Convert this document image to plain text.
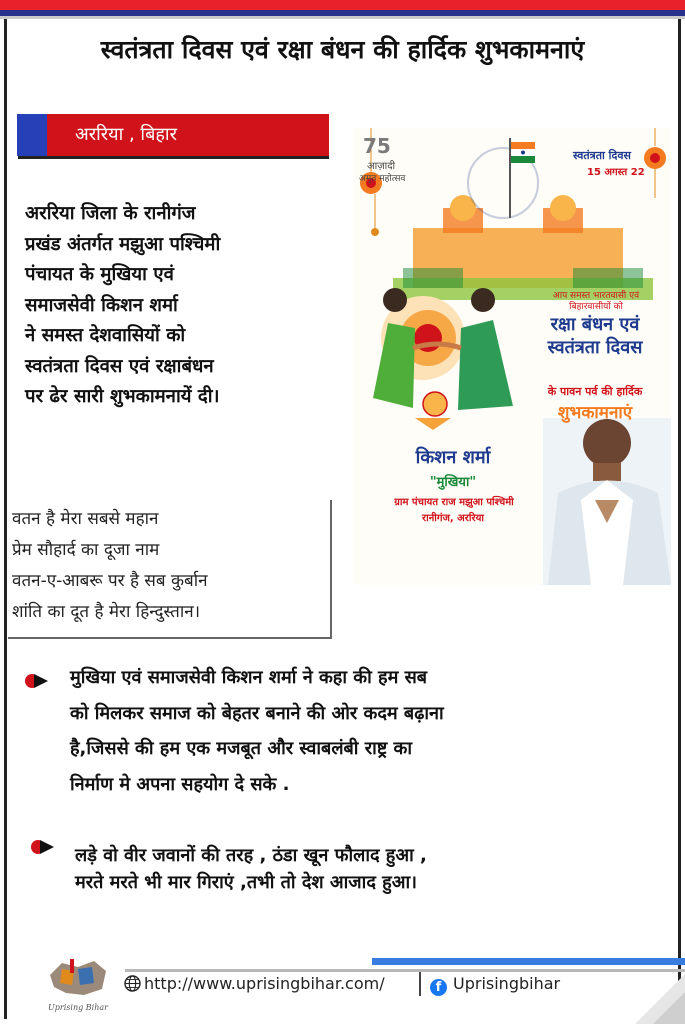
स्वतंत्रता दिवस एवं रक्षा बंधन की हार्दिक शुभकामनाएं
अररिया , बिहार
अररिया जिला के रानीगंज
प्रखंड अंतर्गत मझुआ पश्चिमी
पंचायत के मुखिया एवं
समाजसेवी किशन शर्मा
ने समस्त देशवासियों को
स्वतंत्रता दिवस एवं रक्षाबंधन
पर ढेर सारी शुभकामनायें दी।
वतन है मेरा सबसे महान
प्रेम सौहार्द का दूजा नाम
वतन-ए-आबरू पर है सब कुर्बान
शांति का दूत है मेरा हिन्दुस्तान।
75
आज़ादी
अमृत महोत्सव
स्वतंत्रता दिवस
15 अगस्त 22
आप समस्त भारतवासी एवं
बिहारवासीयों को
रक्षा बंधन एवं
स्वतंत्रता दिवस
के पावन पर्व की हार्दिक
शुभकामनाएं
किशन शर्मा
"मुखिया"
ग्राम पंचायत राज मझुआ पश्चिमी
रानीगंज, अररिया
मुखिया एवं समाजसेवी किशन शर्मा ने कहा की हम सब
को मिलकर समाज को बेहतर बनाने की ओर कदम बढ़ाना
है,जिससे की हम एक मजबूत और स्वाबलंबी राष्ट्र का
निर्माण मे अपना सहयोग दे सके .
लड़े वो वीर जवानों की तरह , ठंडा खून फौलाद हुआ ,
मरते मरते भी मार गिराएं ,तभी तो देश आजाद हुआ।
Uprising Bihar
http://www.uprisingbihar.com/	f Uprisingbihar
